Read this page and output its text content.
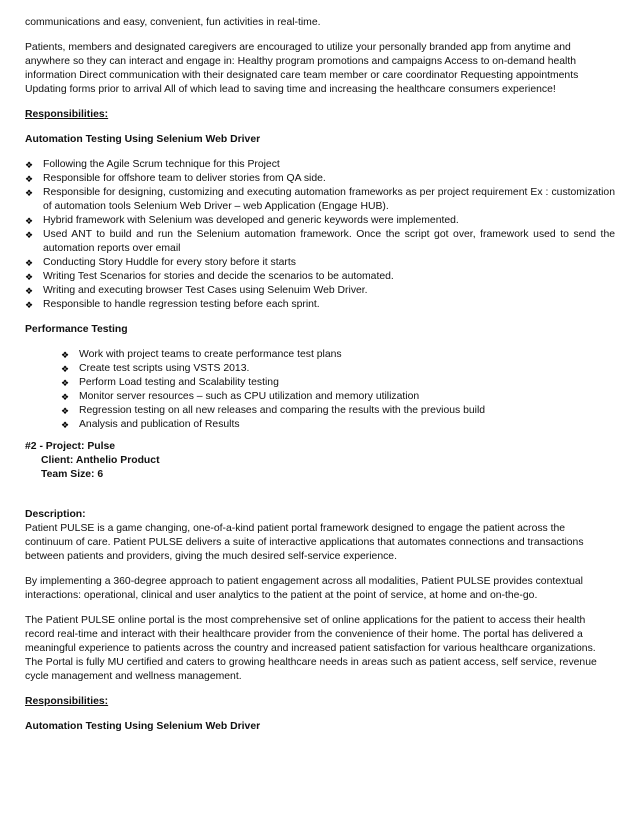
communications and easy, convenient, fun activities in real-time.

Patients, members and designated caregivers are encouraged to utilize your personally branded app from anytime and anywhere so they can interact and engage in: Healthy program promotions and campaigns Access to on-demand health information Direct communication with their designated care team member or care coordinator Requesting appointments Updating forms prior to arrival All of which lead to saving time and increasing the healthcare consumers experience!

Responsibilities:

Automation Testing Using Selenium Web Driver

❖ Following the Agile Scrum technique for this Project
❖ Responsible for offshore team to deliver stories from QA side.
❖ Responsible for designing, customizing and executing automation frameworks as per project requirement Ex : customization of automation tools Selenium Web Driver – web Application (Engage HUB).
❖ Hybrid framework with Selenium was developed and generic keywords were implemented.
❖ Used ANT to build and run the Selenium automation framework. Once the script got over, framework used to send the automation reports over email
❖ Conducting Story Huddle for every story before it starts
❖ Writing Test Scenarios for stories and decide the scenarios to be automated.
❖ Writing and executing browser Test Cases using Selenuim Web Driver.
❖ Responsible to handle regression testing before each sprint.

Performance Testing

❖ Work with project teams to create performance test plans
❖ Create test scripts using VSTS 2013.
❖ Perform Load testing and Scalability testing
❖ Monitor server resources – such as CPU utilization and memory utilization
❖ Regression testing on all new releases and comparing the results with the previous build
❖ Analysis and publication of Results

#2 - Project: Pulse

Client: Anthelio Product

Team Size: 6

Description:

Patient PULSE is a game changing, one-of-a-kind patient portal framework designed to engage the patient across the continuum of care. Patient PULSE delivers a suite of interactive applications that automates connections and transactions between patients and providers, giving the much desired self-service experience.

By implementing a 360-degree approach to patient engagement across all modalities, Patient PULSE provides contextual interactions: operational, clinical and user analytics to the patient at the point of service, at home and on-the-go.

The Patient PULSE online portal is the most comprehensive set of online applications for the patient to access their health record real-time and interact with their healthcare provider from the convenience of their home. The portal has delivered a meaningful experience to patients across the country and increased patient satisfaction for various healthcare organizations. The Portal is fully MU certified and caters to growing healthcare needs in areas such as patient access, self service, revenue cycle management and wellness management.

Responsibilities:

Automation Testing Using Selenium Web Driver
